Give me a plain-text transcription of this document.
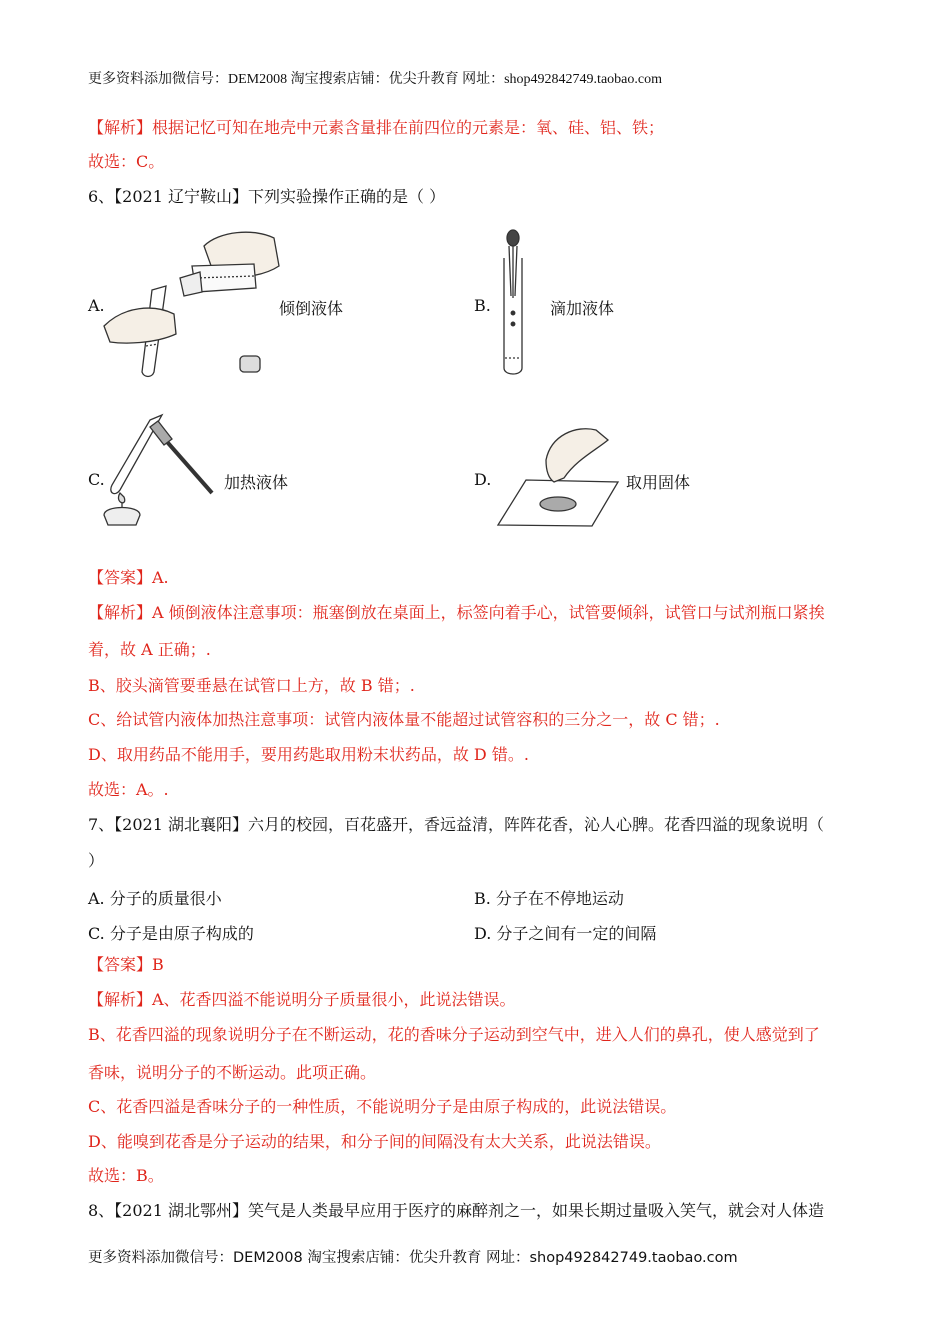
更多资料添加微信号：DEM2008 淘宝搜索店铺：优尖升教育 网址：shop492842749.taobao.com
【解析】根据记忆可知在地壳中元素含量排在前四位的元素是：氧、硅、铝、铁；
故选：C。
6、【2021 辽宁鞍山】下列实验操作正确的是（ ）
A.	倾倒液体	B.	滴加液体
C.	加热液体	D.	取用固体
【答案】A.
【解析】A 倾倒液体注意事项：瓶塞倒放在桌面上，标签向着手心，试管要倾斜，试管口与试剂瓶口紧挨
着，故 A 正确；.
B、胶头滴管要垂悬在试管口上方，故 B 错；.
C、给试管内液体加热注意事项：试管内液体量不能超过试管容积的三分之一，故 C 错；.
D、取用药品不能用手，要用药匙取用粉末状药品，故 D 错。.
故选：A。.
7、【2021 湖北襄阳】六月的校园，百花盛开，香远益清，阵阵花香，沁人心脾。花香四溢的现象说明（
）
A. 分子的质量很小	B. 分子在不停地运动
C. 分子是由原子构成的	D. 分子之间有一定的间隔
【答案】B
【解析】A、花香四溢不能说明分子质量很小，此说法错误。
B、花香四溢的现象说明分子在不断运动，花的香味分子运动到空气中，进入人们的鼻孔，使人感觉到了
香味，说明分子的不断运动。此项正确。
C、花香四溢是香味分子的一种性质，不能说明分子是由原子构成的，此说法错误。
D、能嗅到花香是分子运动的结果，和分子间的间隔没有太大关系，此说法错误。
故选：B。
8、【2021 湖北鄂州】笑气是人类最早应用于医疗的麻醉剂之一，如果长期过量吸入笑气，就会对人体造
更多资料添加微信号：DEM2008 淘宝搜索店铺：优尖升教育 网址：shop492842749.taobao.com
